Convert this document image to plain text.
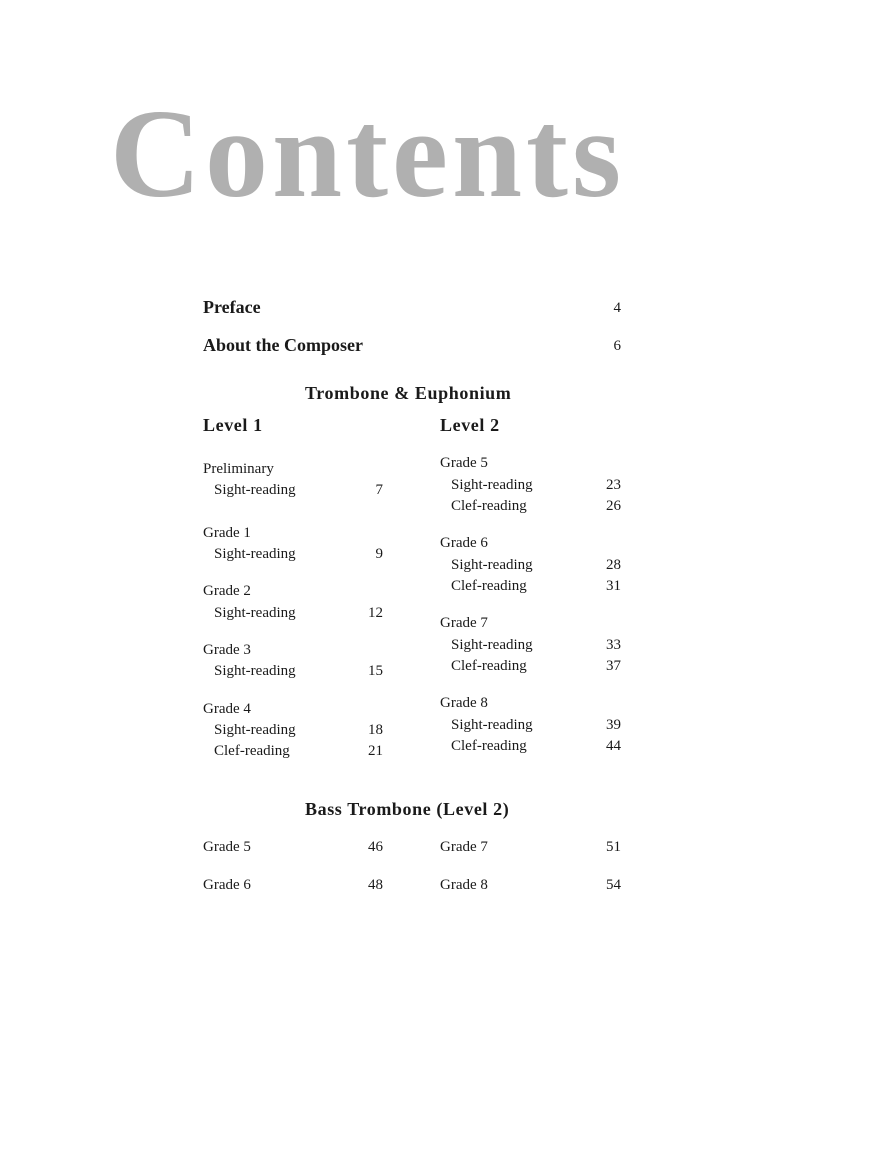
Contents
Preface	4
About the Composer	6
Trombone & Euphonium
Level 1	Level 2
Preliminary
Sight-reading	7
Grade 1
Sight-reading	9
Grade 2
Sight-reading	12
Grade 3
Sight-reading	15
Grade 4
Sight-reading	18
Clef-reading	21
Grade 5
Sight-reading	23
Clef-reading	26
Grade 6
Sight-reading	28
Clef-reading	31
Grade 7
Sight-reading	33
Clef-reading	37
Grade 8
Sight-reading	39
Clef-reading	44
Bass Trombone (Level 2)
Grade 5	46
Grade 6	48
Grade 7	51
Grade 8	54
